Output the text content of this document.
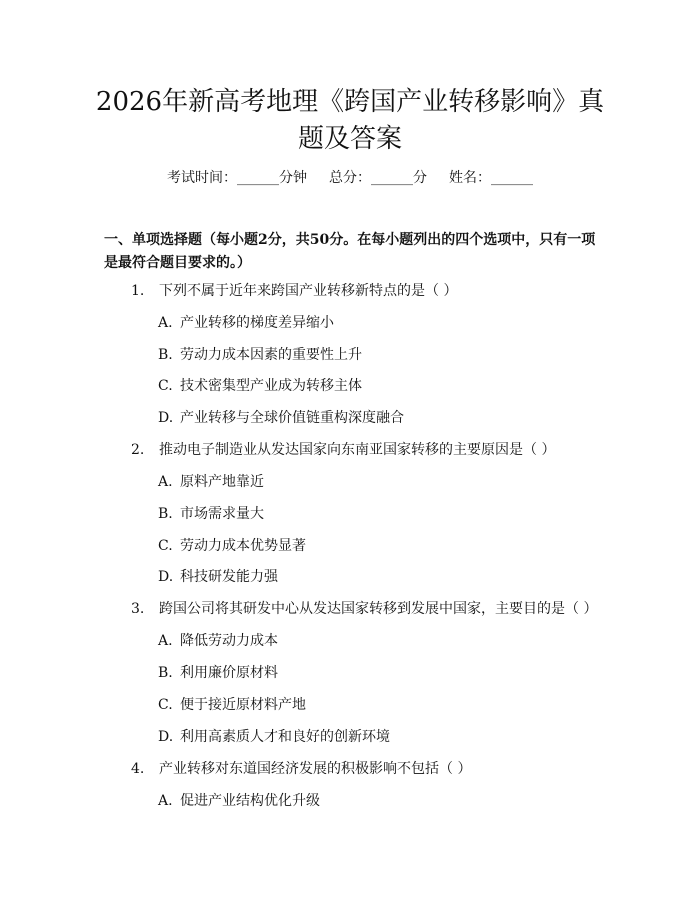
2026年新高考地理《跨国产业转移影响》真
题及答案
考试时间：______分钟 总分：______分 姓名：______

一、单项选择题（每小题2分，共50分。在每小题列出的四个选项中，只有一项

是最符合题目要求的。）

1. 下列不属于近年来跨国产业转移新特点的是（ ）
A. 产业转移的梯度差异缩小
B. 劳动力成本因素的重要性上升
C. 技术密集型产业成为转移主体
D. 产业转移与全球价值链重构深度融合
2. 推动电子制造业从发达国家向东南亚国家转移的主要原因是（ ）
A. 原料产地靠近
B. 市场需求量大
C. 劳动力成本优势显著
D. 科技研发能力强
3. 跨国公司将其研发中心从发达国家转移到发展中国家，主要目的是（ ）
A. 降低劳动力成本
B. 利用廉价原材料
C. 便于接近原材料产地
D. 利用高素质人才和良好的创新环境
4. 产业转移对东道国经济发展的积极影响不包括（ ）
A. 促进产业结构优化升级
